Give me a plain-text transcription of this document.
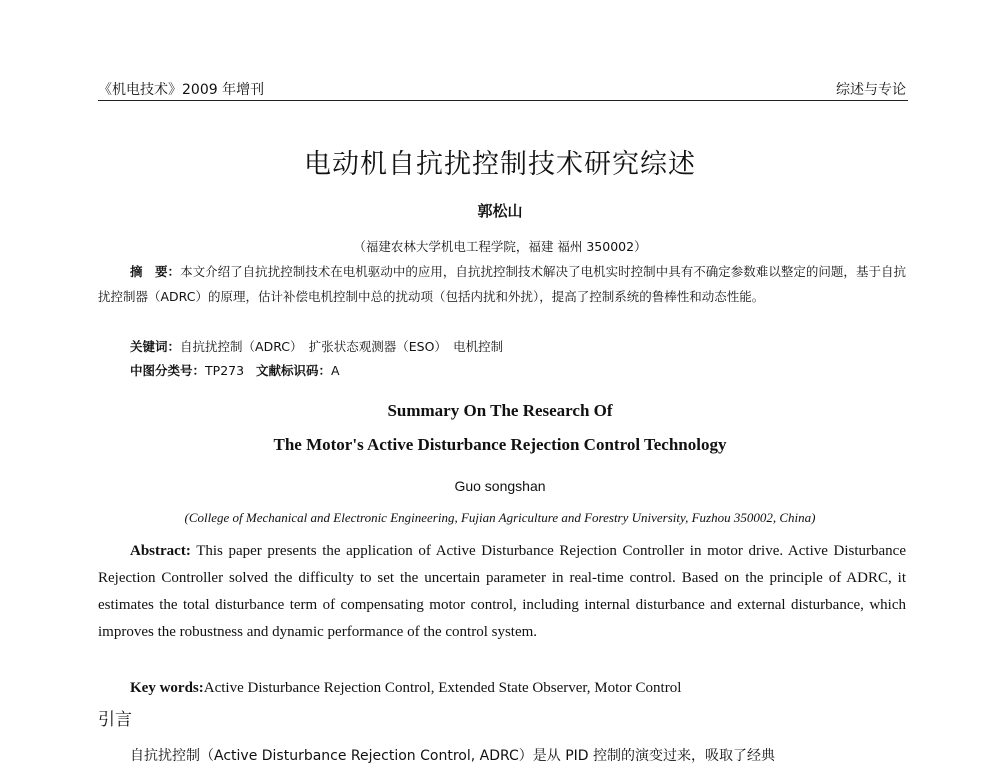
《机电技术》2009 年增刊	综述与专论
电动机自抗扰控制技术研究综述
郭松山
（福建农林大学机电工程学院，福建 福州 350002）
摘　要：本文介绍了自抗扰控制技术在电机驱动中的应用，自抗扰控制技术解决了电机实时控制中具有不确定参数难以整定的问题，基于自抗扰控制器（ADRC）的原理，估计补偿电机控制中总的扰动项（包括内扰和外扰），提高了控制系统的鲁棒性和动态性能。
关键词：自抗扰控制（ADRC）　扩张状态观测器（ESO）　电机控制
中图分类号：TP273 文献标识码：A
Summary On The Research Of
The Motor's Active Disturbance Rejection Control Technology
Guo songshan
(College of Mechanical and Electronic Engineering, Fujian Agriculture and Forestry University, Fuzhou 350002, China)
Abstract: This paper presents the application of Active Disturbance Rejection Controller in motor drive. Active Disturbance Rejection Controller solved the difficulty to set the uncertain parameter in real-time control. Based on the principle of ADRC, it estimates the total disturbance term of compensating motor control, including internal disturbance and external disturbance, which improves the robustness and dynamic performance of the control system.
Key words:Active Disturbance Rejection Control, Extended State Observer, Motor Control
引言
自抗扰控制（Active Disturbance Rejection Control, ADRC）是从 PID 控制的演变过来，吸取了经典
